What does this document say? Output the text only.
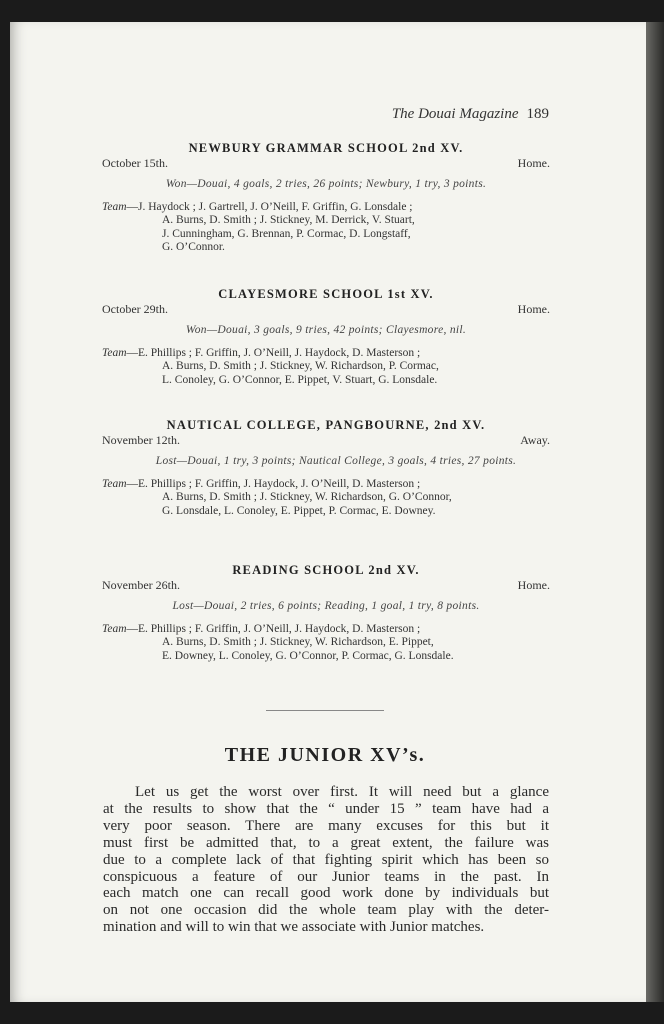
The Douai Magazine 189
NEWBURY GRAMMAR SCHOOL 2nd XV.
October 15th.	Home.
Won—Douai, 4 goals, 2 tries, 26 points; Newbury, 1 try, 3 points.
Team —J. Haydock ; J. Gartrell, J. O’Neill, F. Griffin, G. Lonsdale ;
A. Burns, D. Smith ; J. Stickney, M. Derrick, V. Stuart,
J. Cunningham, G. Brennan, P. Cormac, D. Longstaff,
G. O’Connor.
CLAYESMORE SCHOOL 1st XV.
October 29th.	Home.
Won—Douai, 3 goals, 9 tries, 42 points; Clayesmore, nil.
Team —E. Phillips ; F. Griffin, J. O’Neill, J. Haydock, D. Masterson ;
A. Burns, D. Smith ; J. Stickney, W. Richardson, P. Cormac,
L. Conoley, G. O’Connor, E. Pippet, V. Stuart, G. Lonsdale.
NAUTICAL COLLEGE, PANGBOURNE, 2nd XV.
November 12th.	Away.
Lost—Douai, 1 try, 3 points; Nautical College, 3 goals, 4 tries, 27 points.
Team —E. Phillips ; F. Griffin, J. Haydock, J. O’Neill, D. Masterson ;
A. Burns, D. Smith ; J. Stickney, W. Richardson, G. O’Connor,
G. Lonsdale, L. Conoley, E. Pippet, P. Cormac, E. Downey.
READING SCHOOL 2nd XV.
November 26th.	Home.
Lost—Douai, 2 tries, 6 points; Reading, 1 goal, 1 try, 8 points.
Team —E. Phillips ; F. Griffin, J. O’Neill, J. Haydock, D. Masterson ;
A. Burns, D. Smith ; J. Stickney, W. Richardson, E. Pippet,
E. Downey, L. Conoley, G. O’Connor, P. Cormac, G. Lonsdale.
THE JUNIOR XV’s.
Let us get the worst over first. It will need but a glance
at the results to show that the “ under 15 ” team have had a
very poor season. There are many excuses for this but it
must first be admitted that, to a great extent, the failure was
due to a complete lack of that fighting spirit which has been so
conspicuous a feature of our Junior teams in the past. In
each match one can recall good work done by individuals but
on not one occasion did the whole team play with the deter-
mination and will to win that we associate with Junior matches.
